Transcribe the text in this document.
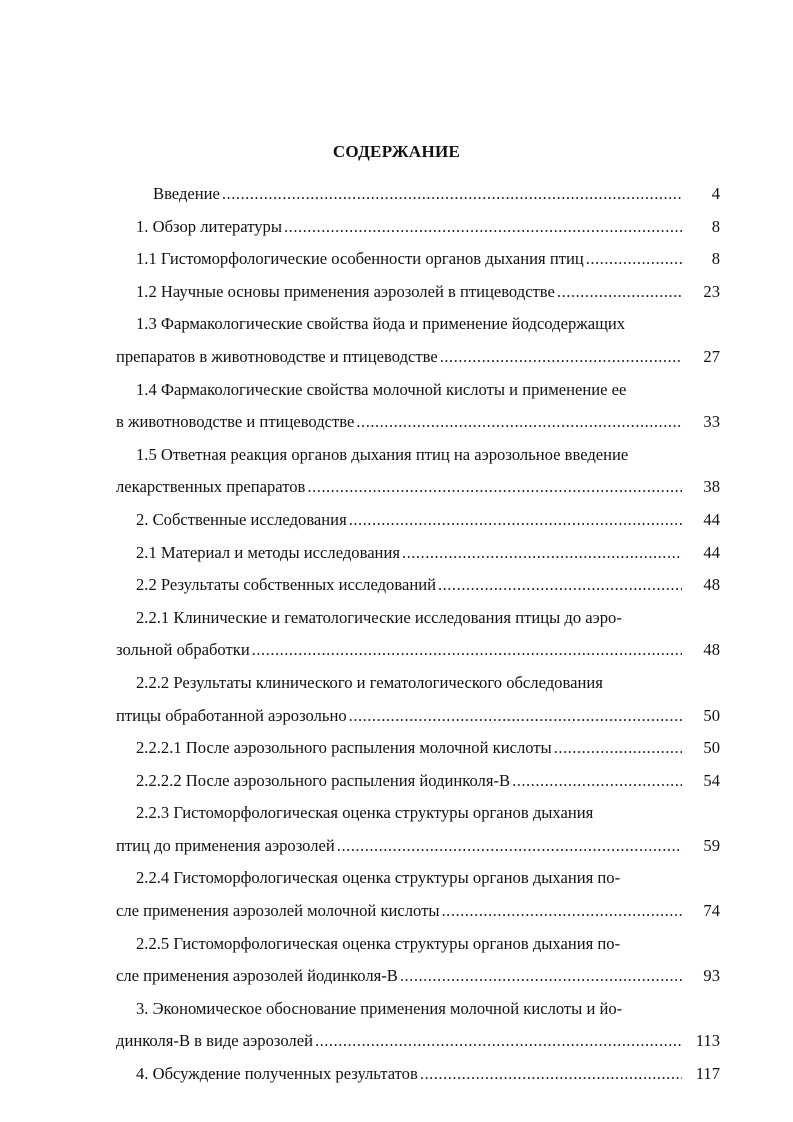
СОДЕРЖАНИЕ
Введение .....	4
1. Обзор литературы .....	8
1.1 Гистоморфологические особенности органов дыхания птиц .....	8
1.2 Научные основы применения аэрозолей в птицеводстве .....	23
1.3 Фармакологические свойства йода и применение йодсодержащих
препаратов в животноводстве и птицеводстве .....	27
1.4 Фармакологические свойства молочной кислоты и применение ее
в животноводстве и птицеводстве .....	33
1.5 Ответная реакция органов дыхания птиц на аэрозольное введение
лекарственных препаратов .....	38
2. Собственные исследования .....	44
2.1 Материал и методы исследования .....	44
2.2 Результаты собственных исследований .....	48
2.2.1 Клинические и гематологические исследования птицы до аэро-
зольной обработки .....	48
2.2.2 Результаты клинического и гематологического обследования
птицы обработанной аэрозольно .....	50
2.2.2.1 После аэрозольного распыления молочной кислоты .....	50
2.2.2.2 После аэрозольного распыления йодинколя-В .....	54
2.2.3 Гистоморфологическая оценка структуры органов дыхания
птиц до применения аэрозолей .....	59
2.2.4 Гистоморфологическая оценка структуры органов дыхания по-
сле применения аэрозолей молочной кислоты .....	74
2.2.5 Гистоморфологическая оценка структуры органов дыхания по-
сле применения аэрозолей йодинколя-В .....	93
3. Экономическое обоснование применения молочной кислоты и йо-
динколя-В в виде аэрозолей .....	113
4. Обсуждение полученных результатов .....	117
